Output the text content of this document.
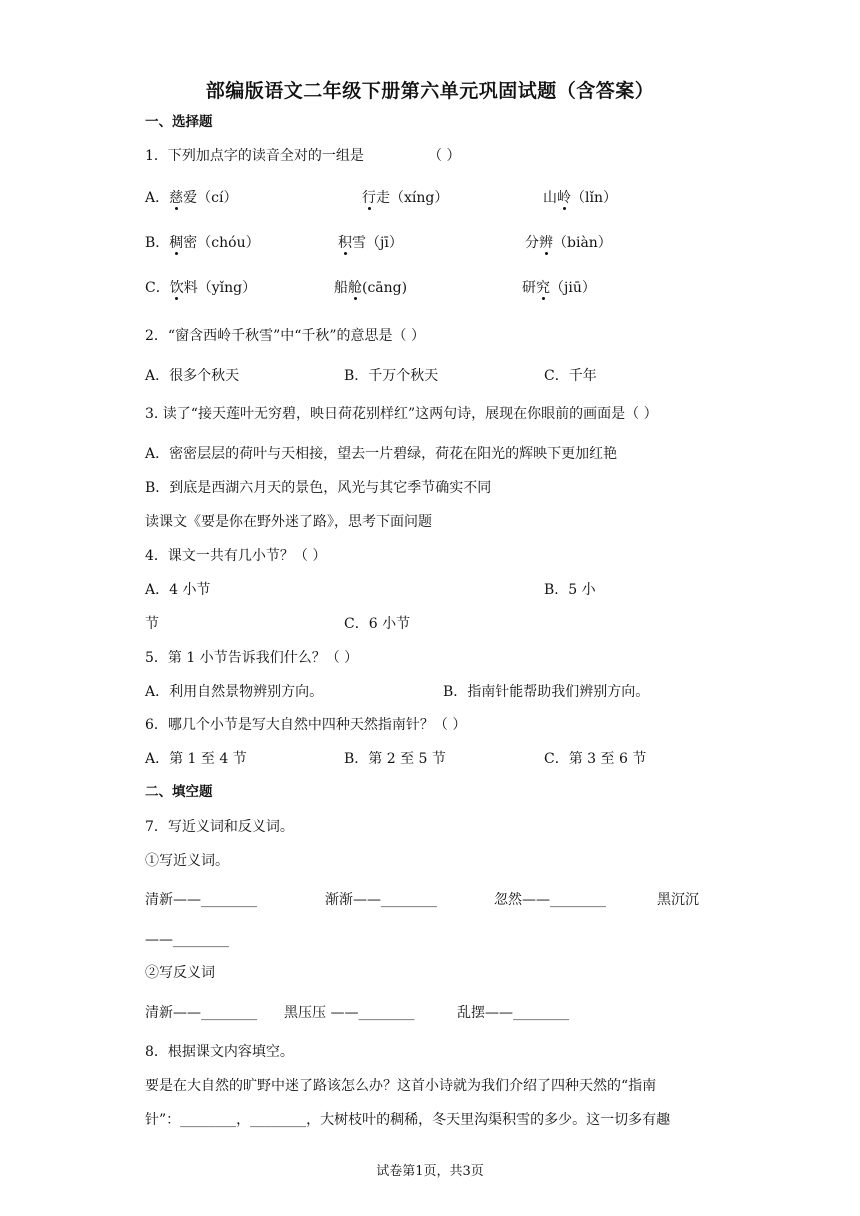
部编版语文二年级下册第六单元巩固试题（含答案）
一、选择题
1．下列加点字的读音全对的一组是	（ ）
A．慈爱（cí）	行走（xíng）	山岭（lǐn）
B．稠密（chóu）	积雪（jī）	分辨（biàn）
C．饮料（yǐng）	船舱(cāng)	研究（jiū）
2．“窗含西岭千秋雪”中“千秋”的意思是（ ）
A．很多个秋天	B．千万个秋天	C．千年
3. 读了“接天莲叶无穷碧，映日荷花别样红”这两句诗，展现在你眼前的画面是（ ）
A．密密层层的荷叶与天相接，望去一片碧绿，荷花在阳光的辉映下更加红艳
B．到底是西湖六月天的景色，风光与其它季节确实不同
读课文《要是你在野外迷了路》，思考下面问题
4．课文一共有几小节？（ ）
A．4 小节	B．5 小
节	C．6 小节
5．第 1 小节告诉我们什么？（ ）
A．利用自然景物辨别方向。	B．指南针能帮助我们辨别方向。
6．哪几个小节是写大自然中四种天然指南针？（ ）
A．第 1 至 4 节	B．第 2 至 5 节	C．第 3 至 6 节
二、填空题
7．写近义词和反义词。
①写近义词。
清新——________	渐渐——________	忽然——________	黑沉沉
——________
②写反义词
清新——________ 黑压压 ——________	乱摆——________
8．根据课文内容填空。
要是在大自然的旷野中迷了路该怎么办？这首小诗就为我们介绍了四种天然的“指南
针”：________，________，大树枝叶的稠稀，冬天里沟渠积雪的多少。这一切多有趣
试卷第1页，共3页
